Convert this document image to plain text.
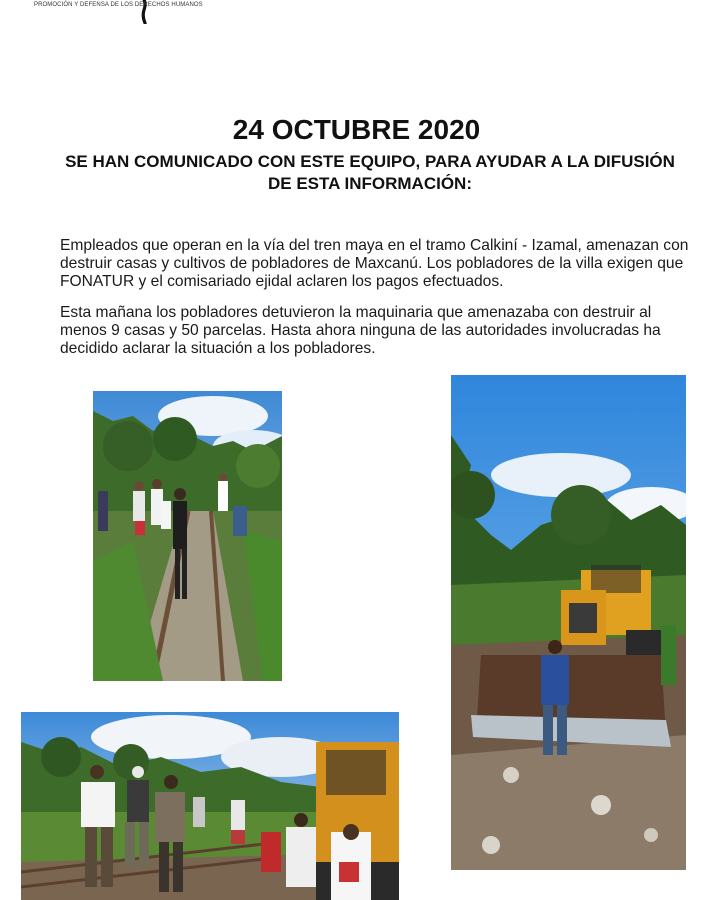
PROMOCIÓN Y DEFENSA DE LOS DERECHOS HUMANOS
24 OCTUBRE 2020
SE HAN COMUNICADO CON ESTE EQUIPO, PARA AYUDAR A LA DIFUSIÓN DE ESTA INFORMACIÓN:
Empleados que operan en la vía del tren maya en el tramo Calkiní - Izamal, amenazan con destruir casas y cultivos de pobladores de Maxcanú. Los pobladores de la villa exigen que FONATUR y el comisariado ejidal aclaren los pagos efectuados.
Esta mañana los pobladores detuvieron la maquinaria que amenazaba con destruir al menos 9 casas y 50 parcelas. Hasta ahora ninguna de las autoridades involucradas ha decidido aclarar la situación a los pobladores.
